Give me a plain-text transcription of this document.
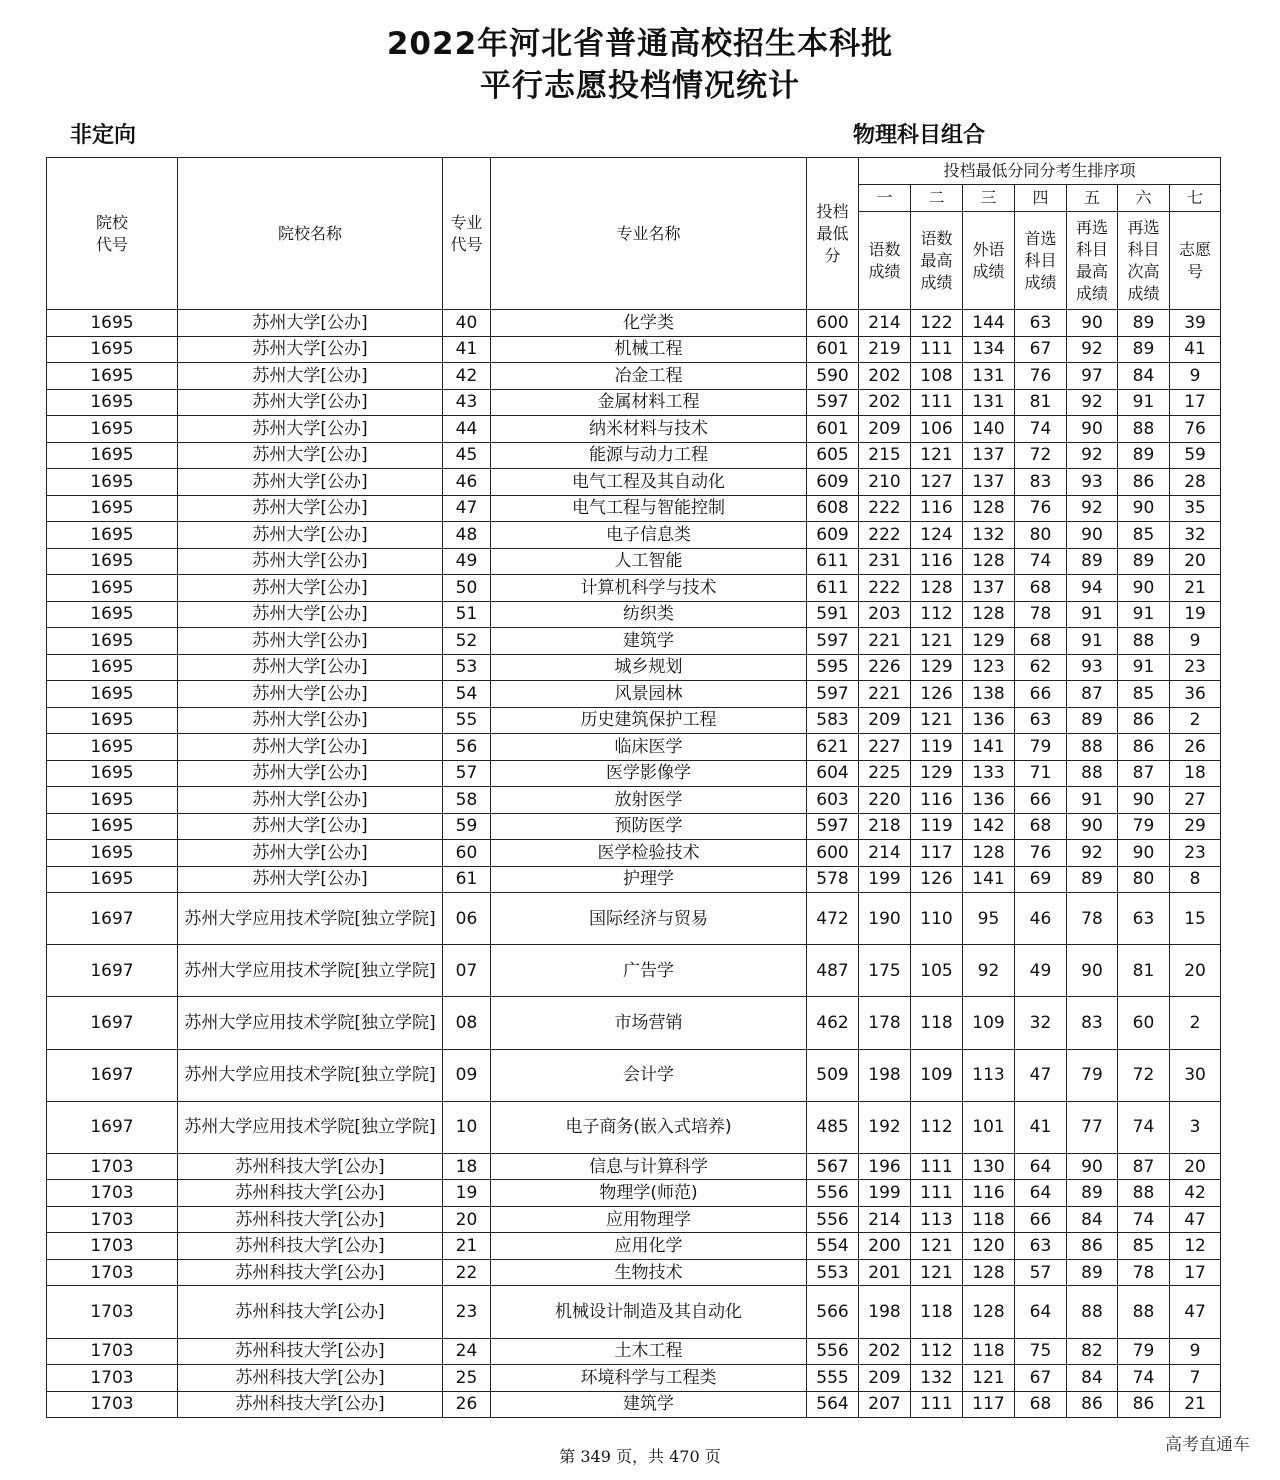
2022年河北省普通高校招生本科批
平行志愿投档情况统计
非定向	物理科目组合
院校代号	院校名称	专业代号	专业名称	投档最低分	投档最低分同分考生排序项						
					一	二	三	四	五	六	七
					语数成绩	语数最高成绩	外语成绩	首选科目成绩	再选科目最高成绩	再选科目次高成绩	志愿号
1695	苏州大学[公办]	40	化学类	600	214	122	144	63	90	89	39
1695	苏州大学[公办]	41	机械工程	601	219	111	134	67	92	89	41
1695	苏州大学[公办]	42	冶金工程	590	202	108	131	76	97	84	9
1695	苏州大学[公办]	43	金属材料工程	597	202	111	131	81	92	91	17
1695	苏州大学[公办]	44	纳米材料与技术	601	209	106	140	74	90	88	76
1695	苏州大学[公办]	45	能源与动力工程	605	215	121	137	72	92	89	59
1695	苏州大学[公办]	46	电气工程及其自动化	609	210	127	137	83	93	86	28
1695	苏州大学[公办]	47	电气工程与智能控制	608	222	116	128	76	92	90	35
1695	苏州大学[公办]	48	电子信息类	609	222	124	132	80	90	85	32
1695	苏州大学[公办]	49	人工智能	611	231	116	128	74	89	89	20
1695	苏州大学[公办]	50	计算机科学与技术	611	222	128	137	68	94	90	21
1695	苏州大学[公办]	51	纺织类	591	203	112	128	78	91	91	19
1695	苏州大学[公办]	52	建筑学	597	221	121	129	68	91	88	9
1695	苏州大学[公办]	53	城乡规划	595	226	129	123	62	93	91	23
1695	苏州大学[公办]	54	风景园林	597	221	126	138	66	87	85	36
1695	苏州大学[公办]	55	历史建筑保护工程	583	209	121	136	63	89	86	2
1695	苏州大学[公办]	56	临床医学	621	227	119	141	79	88	86	26
1695	苏州大学[公办]	57	医学影像学	604	225	129	133	71	88	87	18
1695	苏州大学[公办]	58	放射医学	603	220	116	136	66	91	90	27
1695	苏州大学[公办]	59	预防医学	597	218	119	142	68	90	79	29
1695	苏州大学[公办]	60	医学检验技术	600	214	117	128	76	92	90	23
1695	苏州大学[公办]	61	护理学	578	199	126	141	69	89	80	8
1697	苏州大学应用技术学院[独立学院]	06	国际经济与贸易	472	190	110	95	46	78	63	15
1697	苏州大学应用技术学院[独立学院]	07	广告学	487	175	105	92	49	90	81	20
1697	苏州大学应用技术学院[独立学院]	08	市场营销	462	178	118	109	32	83	60	2
1697	苏州大学应用技术学院[独立学院]	09	会计学	509	198	109	113	47	79	72	30
1697	苏州大学应用技术学院[独立学院]	10	电子商务(嵌入式培养)	485	192	112	101	41	77	74	3
1703	苏州科技大学[公办]	18	信息与计算科学	567	196	111	130	64	90	87	20
1703	苏州科技大学[公办]	19	物理学(师范)	556	199	111	116	64	89	88	42
1703	苏州科技大学[公办]	20	应用物理学	556	214	113	118	66	84	74	47
1703	苏州科技大学[公办]	21	应用化学	554	200	121	120	63	86	85	12
1703	苏州科技大学[公办]	22	生物技术	553	201	121	128	57	89	78	17
1703	苏州科技大学[公办]	23	机械设计制造及其自动化	566	198	118	128	64	88	88	47
1703	苏州科技大学[公办]	24	土木工程	556	202	112	118	75	82	79	9
1703	苏州科技大学[公办]	25	环境科学与工程类	555	209	132	121	67	84	74	7
1703	苏州科技大学[公办]	26	建筑学	564	207	111	117	68	86	86	21
第 349 页，共 470 页
高考直通车
